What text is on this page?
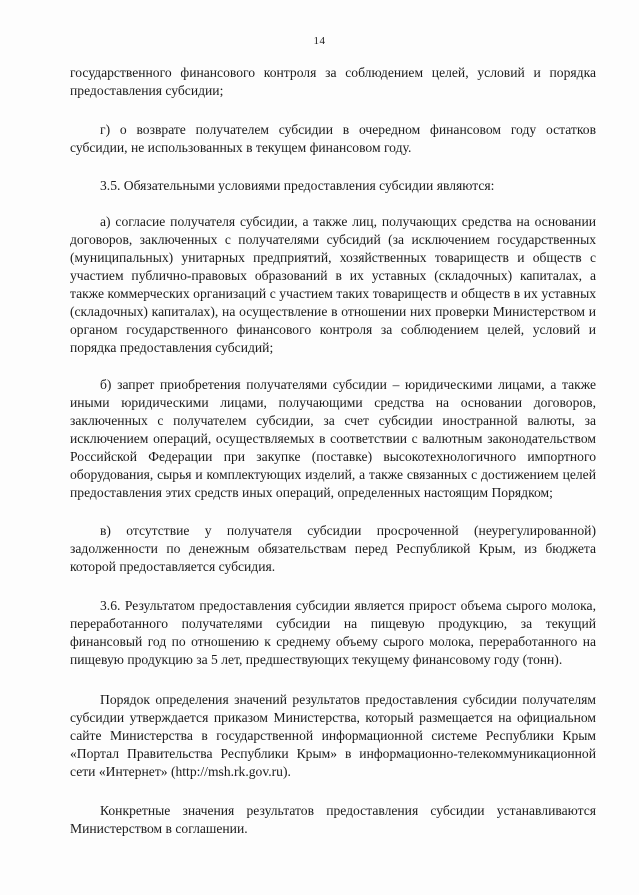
14

государственного финансового контроля за соблюдением целей, условий и порядка предоставления субсидии;

г) о возврате получателем субсидии в очередном финансовом году остатков субсидии, не использованных в текущем финансовом году.

3.5. Обязательными условиями предоставления субсидии являются:

а) согласие получателя субсидии, а также лиц, получающих средства на основании договоров, заключенных с получателями субсидий (за исключением государственных (муниципальных) унитарных предприятий, хозяйственных товариществ и обществ с участием публично-правовых образований в их уставных (складочных) капиталах, а также коммерческих организаций с участием таких товариществ и обществ в их уставных (складочных) капиталах), на осуществление в отношении них проверки Министерством и органом государственного финансового контроля за соблюдением целей, условий и порядка предоставления субсидий;

б) запрет приобретения получателями субсидии – юридическими лицами, а также иными юридическими лицами, получающими средства на основании договоров, заключенных с получателем субсидии, за счет субсидии иностранной валюты, за исключением операций, осуществляемых в соответствии с валютным законодательством Российской Федерации при закупке (поставке) высокотехнологичного импортного оборудования, сырья и комплектующих изделий, а также связанных с достижением целей предоставления этих средств иных операций, определенных настоящим Порядком;

в) отсутствие у получателя субсидии просроченной (неурегулированной) задолженности по денежным обязательствам перед Республикой Крым, из бюджета которой предоставляется субсидия.

3.6. Результатом предоставления субсидии является прирост объема сырого молока, переработанного получателями субсидии на пищевую продукцию, за текущий финансовый год по отношению к среднему объему сырого молока, переработанного на пищевую продукцию за 5 лет, предшествующих текущему финансовому году (тонн).

Порядок определения значений результатов предоставления субсидии получателям субсидии утверждается приказом Министерства, который размещается на официальном сайте Министерства в государственной информационной системе Республики Крым «Портал Правительства Республики Крым» в информационно-телекоммуникационной сети «Интернет» (http://msh.rk.gov.ru).

Конкретные значения результатов предоставления субсидии устанавливаются Министерством в соглашении.
